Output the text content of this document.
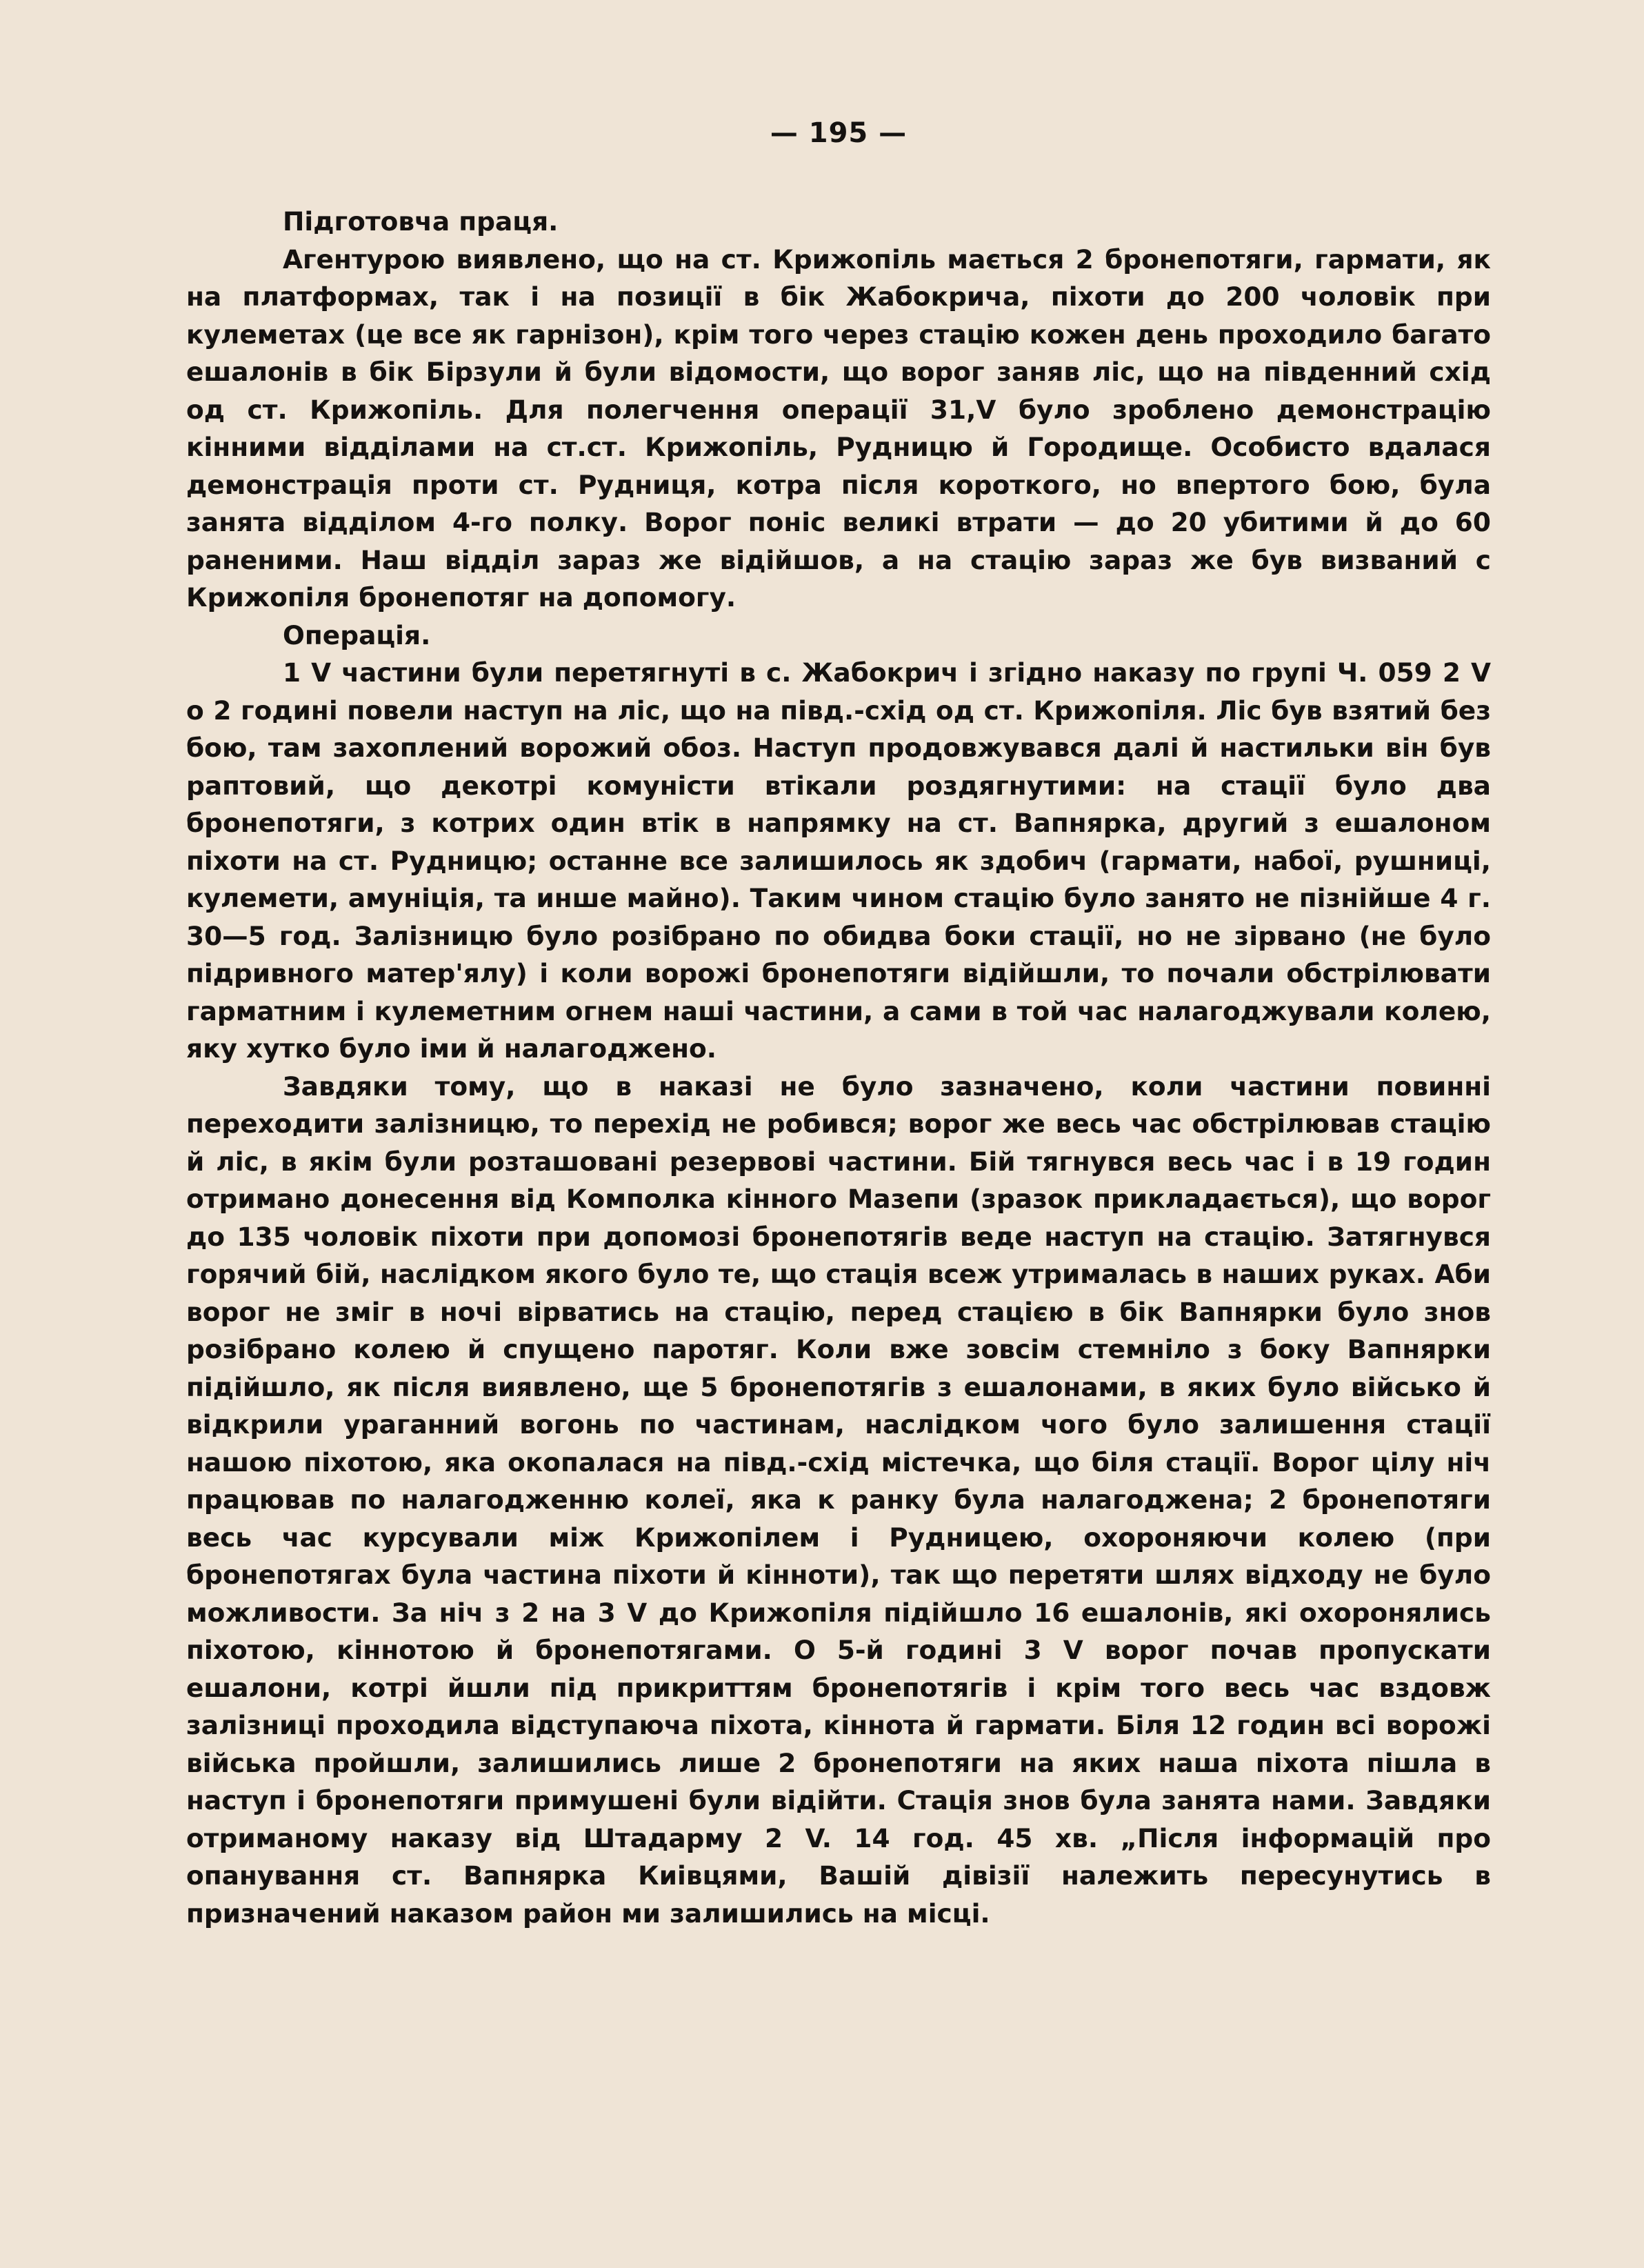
— 195 —

Підготовча праця.

Агентурою виявлено, що на ст. Крижопіль мається 2 бронепотяги, гармати, як на платформах, так і на позиції в бік Жабокрича, піхоти до 200 чоловік при кулеметах (це все як гарнізон), крім того через стацію кожен день проходило багато ешалонів в бік Бірзули й були відомости, що ворог заняв ліс, що на південний схід од ст. Крижопіль. Для полегчення операції 31,V було зроблено демонстрацію кінними відділами на ст.ст. Крижопіль, Рудницю й Городище. Особисто вдалася демонстрація проти ст. Рудниця, котра після короткого, но впертого бою, була занята відділом 4-го полку. Ворог поніс великі втрати — до 20 убитими й до 60 раненими. Наш відділ зараз же відійшов, а на стацію зараз же був визваний с Крижопіля бронепотяг на допомогу.

Операція.

1 V частини були перетягнуті в с. Жабокрич і згідно наказу по групі Ч. 059 2 V о 2 годині повели наступ на ліс, що на півд.-схід од ст. Крижопіля. Ліс був взятий без бою, там захоплений ворожий обоз. Наступ продовжувався далі й настильки він був раптовий, що декотрі комуністи втікали роздягнутими: на стації було два бронепотяги, з котрих один втік в напрямку на ст. Вапнярка, другий з ешалоном піхоти на ст. Рудницю; останне все залишилось як здобич (гармати, набої, рушниці, кулемети, амуніція, та инше майно). Таким чином стацію було занято не пізнійше 4 г. 30—5 год. Залізницю було розібрано по обидва боки стації, но не зірвано (не було підривного матер'ялу) і коли ворожі бронепотяги відійшли, то почали обстрілювати гарматним і кулеметним огнем наші частини, а сами в той час налагоджували колею, яку хутко було іми й налагоджено.

Завдяки тому, що в наказі не було зазначено, коли частини повинні переходити залізницю, то перехід не робився; ворог же весь час обстрілював стацію й ліс, в якім були розташовані резервові частини. Бій тягнувся весь час і в 19 годин отримано донесення від Комполка кінного Мазепи (зразок прикладається), що ворог до 135 чоловік піхоти при допомозі бронепотягів веде наступ на стацію. Затягнувся горячий бій, наслідком якого було те, що стація всеж утрималась в наших руках. Аби ворог не зміг в ночі вірватись на стацію, перед стацією в бік Вапнярки було знов розібрано колею й спущено паротяг. Коли вже зовсім стемніло з боку Вапнярки підійшло, як після виявлено, ще 5 бронепотягів з ешалонами, в яких було військо й відкрили ураганний вогонь по частинам, наслідком чого було залишення стації нашою піхотою, яка окопалася на півд.-схід містечка, що біля стації. Ворог цілу ніч працював по налагодженню колеї, яка к ранку була налагоджена; 2 бронепотяги весь час курсували між Крижопілем і Рудницею, охороняючи колею (при бронепотягах була частина піхоти й кінноти), так що перетяти шлях відходу не було можливости. За ніч з 2 на 3 V до Крижопіля підійшло 16 ешалонів, які охоронялись піхотою, кіннотою й бронепотягами. О 5-й годині 3 V ворог почав пропускати ешалони, котрі йшли під прикриттям бронепотягів і крім того весь час вздовж залізниці проходила відступаюча піхота, кіннота й гармати. Біля 12 годин всі ворожі війська пройшли, залишились лише 2 бронепотяги на яких наша піхота пішла в наступ і бронепотяги примушені були відійти. Стація знов була занята нами. Завдяки отриманому наказу від Штадарму 2 V. 14 год. 45 хв. „Після інформацій про опанування ст. Вапнярка Киівцями, Вашій дівізії належить пересунутись в призначений наказом район ми залишились на місці.
